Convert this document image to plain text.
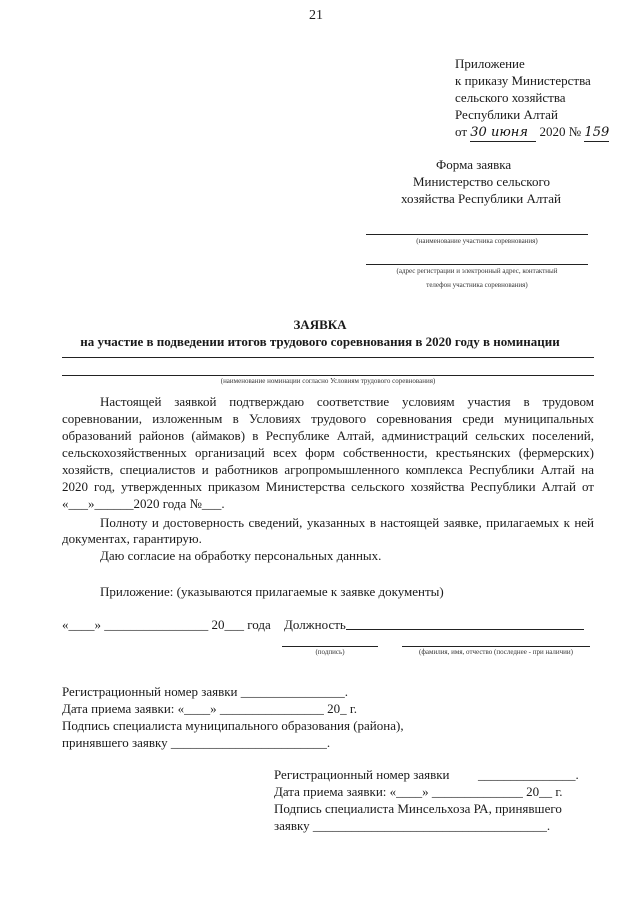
21
Приложение
к приказу Министерства
сельского хозяйства
Республики Алтай
от 30 июня 2020 № 159
Форма заявка
Министерство сельского
хозяйства Республики Алтай
(наименование участника соревнования)
(адрес регистрации и электронный адрес, контактный
телефон участника соревнования)
ЗАЯВКА
на участие в подведении итогов трудового соревнования в 2020 году в номинации
(наименование номинации согласно Условиям трудового соревнования)
Настоящей заявкой подтверждаю соответствие условиям участия в трудовом
соревновании, изложенным в Условиях трудового соревнования среди муниципальных
образований районов (аймаков) в Республике Алтай, администраций сельских поселений,
сельскохозяйственных организаций всех форм собственности, крестьянских (фермерских)
хозяйств, специалистов и работников агропромышленного комплекса Республики Алтай на
2020 год, утвержденных приказом Министерства сельского хозяйства Республики Алтай от
«___»______2020 года №___.
Полноту и достоверность сведений, указанных в настоящей заявке, прилагаемых к ней
документах, гарантирую.
Даю согласие на обработку персональных данных.
Приложение: (указываются прилагаемые к заявке документы)
«____» ________________ 20___ года Должность
(подпись)	(фамилия, имя, отчество (последнее - при наличии)
Регистрационный номер заявки ________________.
Дата приема заявки: «____» ________________ 20_ г.
Подпись специалиста муниципального образования (района),
принявшего заявку ________________________.
Регистрационный номер заявки _______________.
Дата приема заявки: «____» ______________ 20__ г.
Подпись специалиста Минсельхоза РА, принявшего
заявку ____________________________________.
